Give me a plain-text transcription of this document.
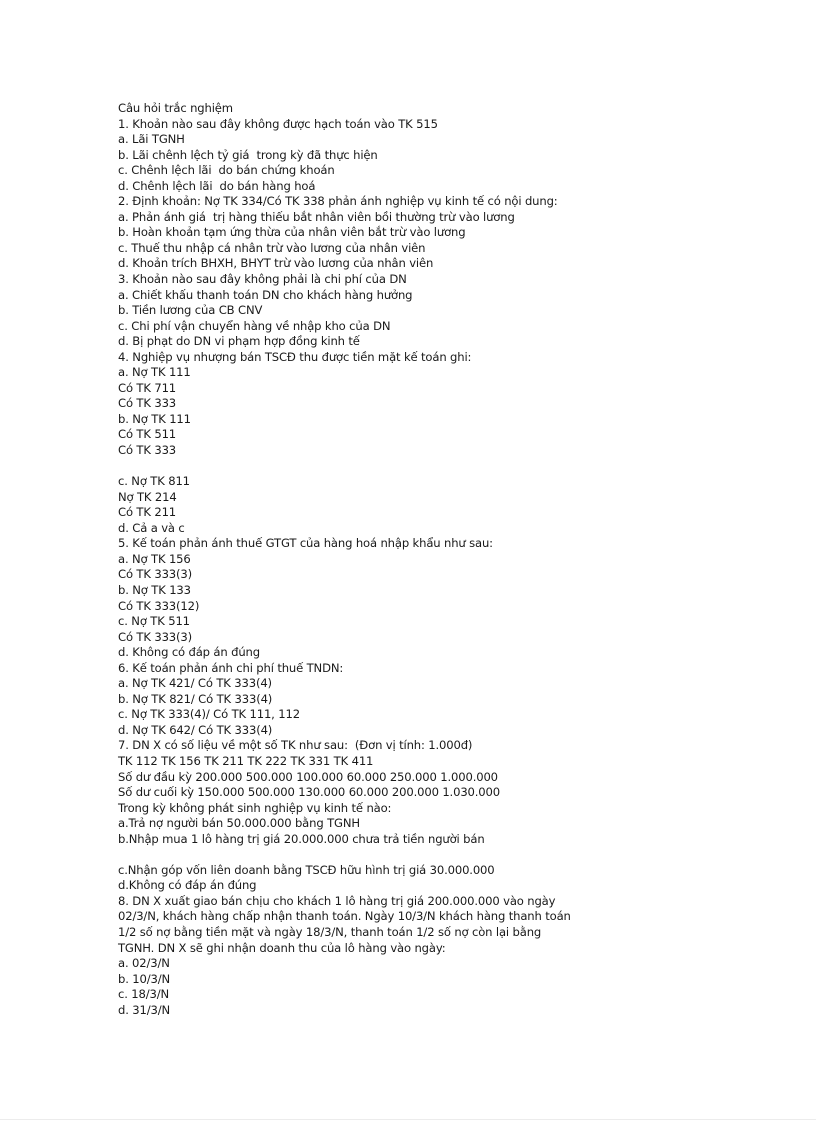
Câu hỏi trắc nghiệm
1. Khoản nào sau đây không được hạch toán vào TK 515
a. Lãi TGNH
b. Lãi chênh lệch tỷ giá  trong kỳ đã thực hiện
c. Chênh lệch lãi  do bán chứng khoán
d. Chênh lệch lãi  do bán hàng hoá
2. Định khoản: Nợ TK 334/Có TK 338 phản ánh nghiệp vụ kinh tế có nội dung:
a. Phản ánh giá  trị hàng thiếu bắt nhân viên bồi thường trừ vào lương
b. Hoàn khoản tạm ứng thừa của nhân viên bắt trừ vào lương
c. Thuế thu nhập cá nhân trừ vào lương của nhân viên
d. Khoản trích BHXH, BHYT trừ vào lương của nhân viên
3. Khoản nào sau đây không phải là chi phí của DN
a. Chiết khấu thanh toán DN cho khách hàng hưởng
b. Tiền lương của CB CNV
c. Chi phí vận chuyển hàng về nhập kho của DN
d. Bị phạt do DN vi phạm hợp đồng kinh tế
4. Nghiệp vụ nhượng bán TSCĐ thu được tiền mặt kế toán ghi:
a. Nợ TK 111
Có TK 711
Có TK 333
b. Nợ TK 111
Có TK 511
Có TK 333
c. Nợ TK 811
Nợ TK 214
Có TK 211
d. Cả a và c
5. Kế toán phản ánh thuế GTGT của hàng hoá nhập khẩu như sau:
a. Nợ TK 156
Có TK 333(3)
b. Nợ TK 133
Có TK 333(12)
c. Nợ TK 511
Có TK 333(3)
d. Không có đáp án đúng
6. Kế toán phản ánh chi phí thuế TNDN:
a. Nợ TK 421/ Có TK 333(4)
b. Nợ TK 821/ Có TK 333(4)
c. Nợ TK 333(4)/ Có TK 111, 112
d. Nợ TK 642/ Có TK 333(4)
7. DN X có số liệu về một số TK như sau:  (Đơn vị tính: 1.000đ)
TK 112 TK 156 TK 211 TK 222 TK 331 TK 411
Số dư đầu kỳ 200.000 500.000 100.000 60.000 250.000 1.000.000
Số dư cuối kỳ 150.000 500.000 130.000 60.000 200.000 1.030.000
Trong kỳ không phát sinh nghiệp vụ kinh tế nào:
a.Trả nợ người bán 50.000.000 bằng TGNH
b.Nhập mua 1 lô hàng trị giá 20.000.000 chưa trả tiền người bán
c.Nhận góp vốn liên doanh bằng TSCĐ hữu hình trị giá 30.000.000
d.Không có đáp án đúng
8. DN X xuất giao bán chịu cho khách 1 lô hàng trị giá 200.000.000 vào ngày
02/3/N, khách hàng chấp nhận thanh toán. Ngày 10/3/N khách hàng thanh toán
1/2 số nợ bằng tiền mặt và ngày 18/3/N, thanh toán 1/2 số nợ còn lại bằng
TGNH. DN X sẽ ghi nhận doanh thu của lô hàng vào ngày:
a. 02/3/N
b. 10/3/N
c. 18/3/N
d. 31/3/N
